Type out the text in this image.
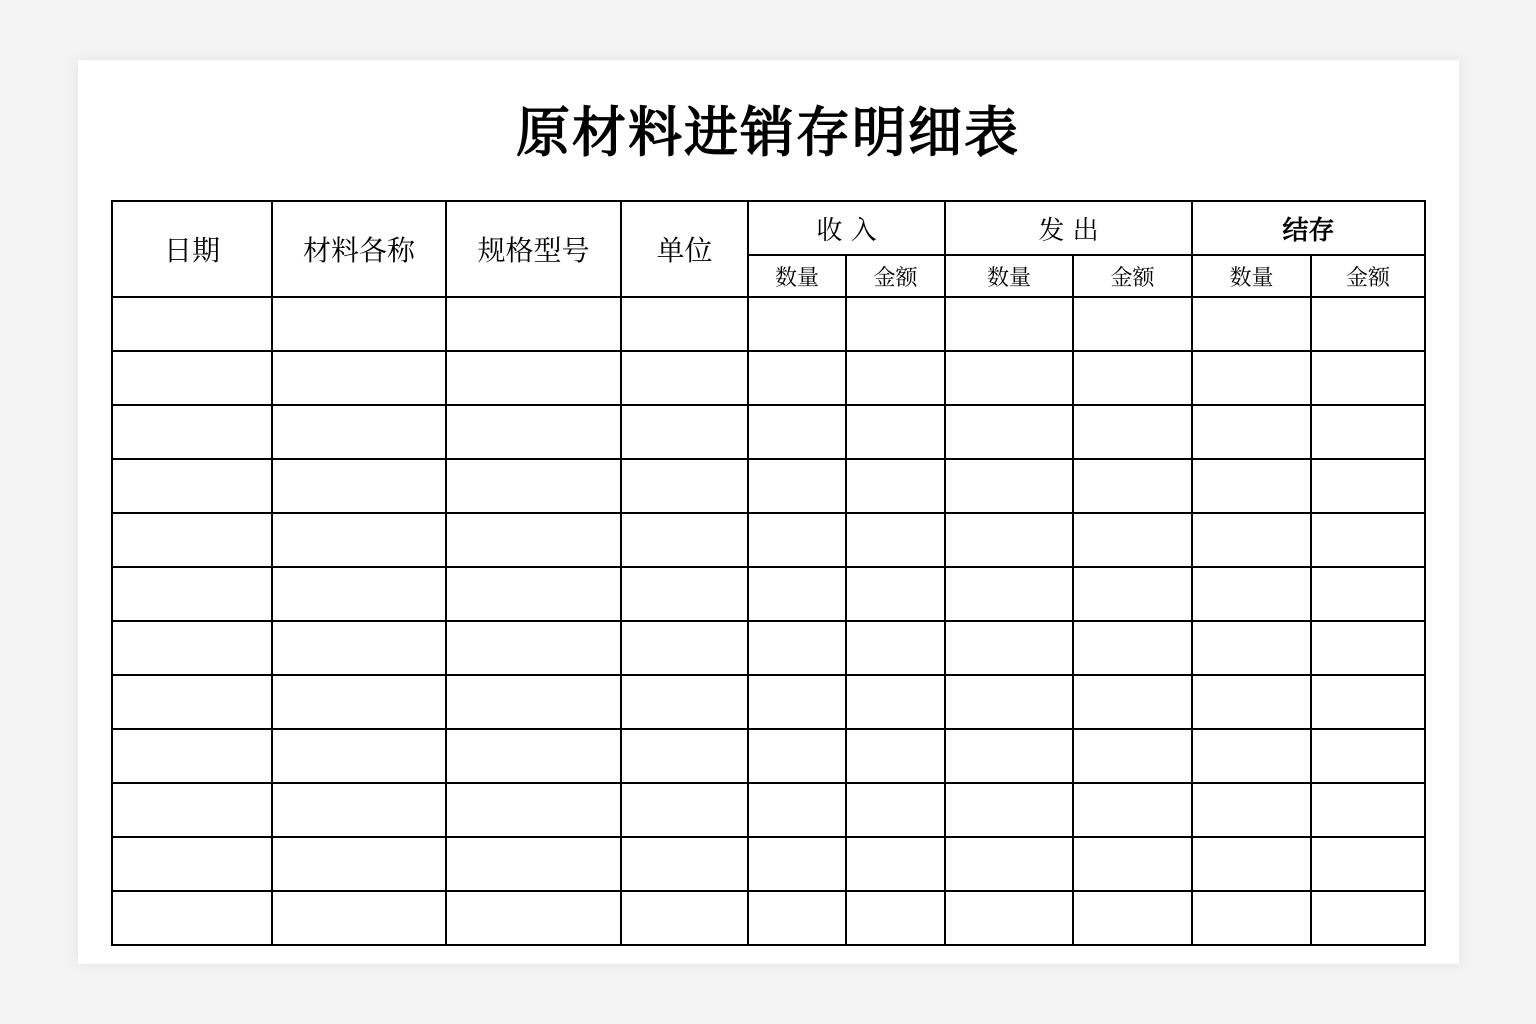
原材料进销存明细表
日期	材料各称	规格型号	单位	收 入		发 出		结存	
				数量	金额	数量	金额	数量	金额
